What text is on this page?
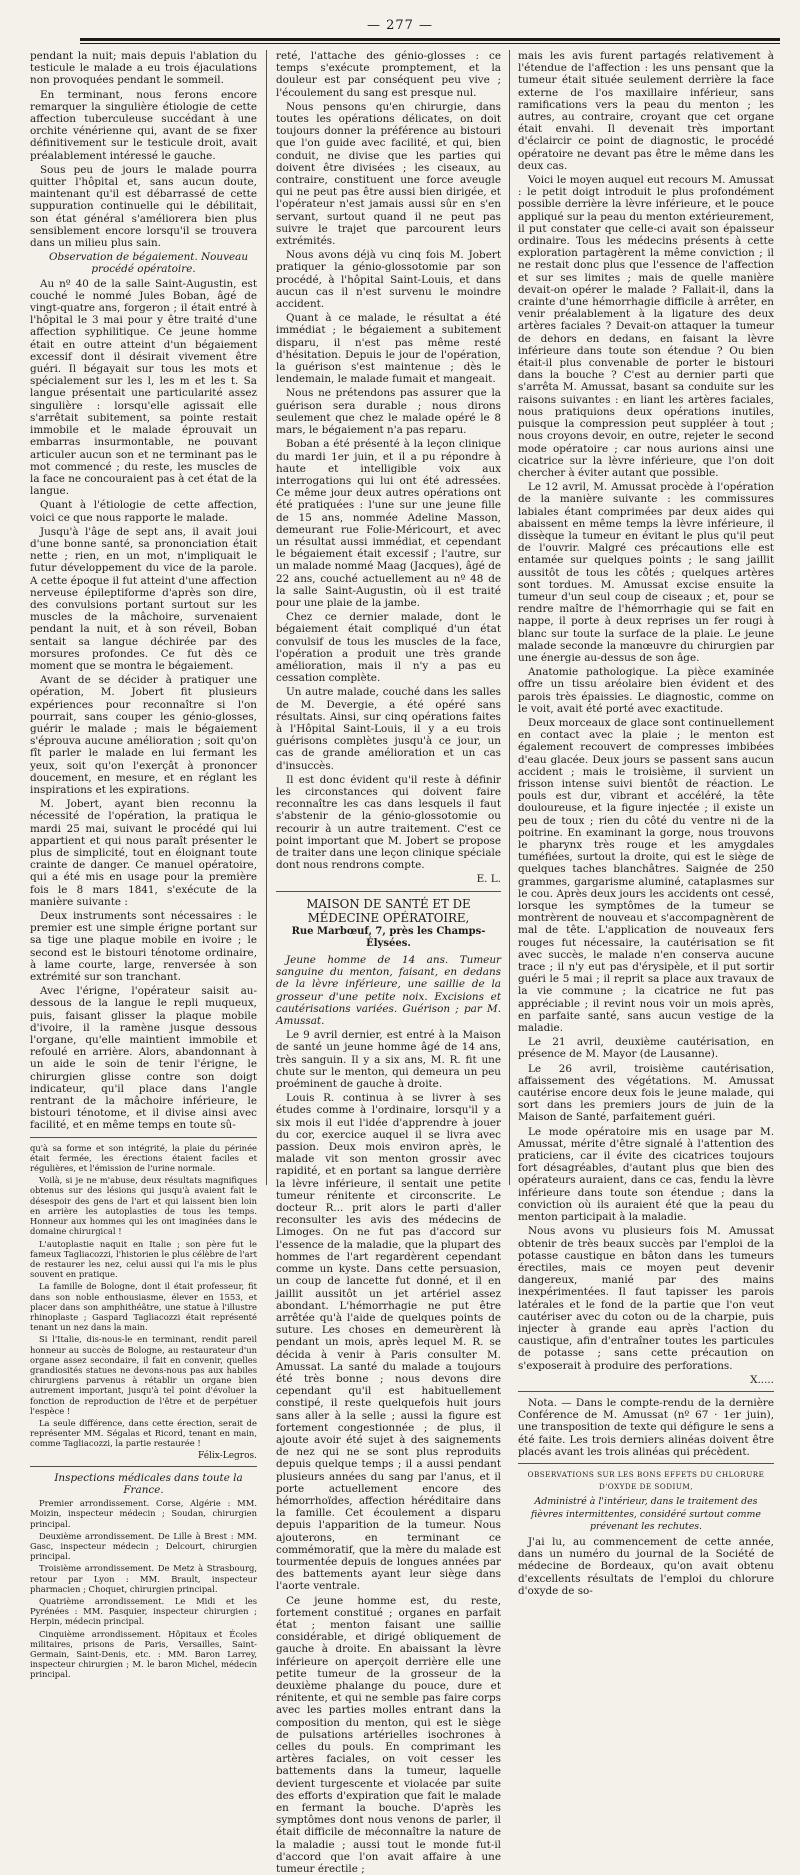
— 277 —

pendant la nuit; mais depuis l'ablation du testicule le malade a eu trois éjaculations non provoquées pendant le sommeil.

En terminant, nous ferons encore remarquer la singulière étiologie de cette affection tuberculeuse succédant à une orchite vénérienne qui, avant de se fixer définitivement sur le testicule droit, avait préalablement intéressé le gauche.

Sous peu de jours le malade pourra quitter l'hôpital et, sans aucun doute, maintenant qu'il est débarrassé de cette suppuration continuelle qui le débilitait, son état général s'améliorera bien plus sensiblement encore lorsqu'il se trouvera dans un milieu plus sain.

Observation de bégaiement. Nouveau procédé opératoire.

Au nº 40 de la salle Saint-Augustin, est couché le nommé Jules Boban, âgé de vingt-quatre ans, forgeron ; il était entré à l'hôpital le 3 mai pour y être traité d'une affection syphilitique. Ce jeune homme était en outre atteint d'un bégaiement excessif dont il désirait vivement être guéri. Il bégayait sur tous les mots et spécialement sur les l, les m et les t. Sa langue présentait une particularité assez singulière : lorsqu'elle agissait elle s'arrêtait subitement, sa pointe restait immobile et le malade éprouvait un embarras insurmontable, ne pouvant articuler aucun son et ne terminant pas le mot commencé ; du reste, les muscles de la face ne concouraient pas à cet état de la langue.

Quant à l'étiologie de cette affection, voici ce que nous rapporte le malade.

Jusqu'à l'âge de sept ans, il avait joui d'une bonne santé, sa prononciation était nette ; rien, en un mot, n'impliquait le futur développement du vice de la parole. A cette époque il fut atteint d'une affection nerveuse épileptiforme d'après son dire, des convulsions portant surtout sur les muscles de la mâchoire, survenaient pendant la nuit, et à son réveil, Boban sentait sa langue déchirée par des morsures profondes. Ce fut dès ce moment que se montra le bégaiement.

Avant de se décider à pratiquer une opération, M. Jobert fit plusieurs expériences pour reconnaître si l'on pourrait, sans couper les génio-glosses, guérir le malade ; mais le bégaiement s'éprouva aucune amélioration ; soit qu'on fît parler le malade en lui fermant les yeux, soit qu'on l'exerçât à prononcer doucement, en mesure, et en réglant les inspirations et les expirations.

M. Jobert, ayant bien reconnu la nécessité de l'opération, la pratiqua le mardi 25 mai, suivant le procédé qui lui appartient et qui nous paraît présenter le plus de simplicité, tout en éloignant toute crainte de danger. Ce manuel opératoire, qui a été mis en usage pour la première fois le 8 mars 1841, s'exécute de la manière suivante :

Deux instruments sont nécessaires : le premier est une simple érigne portant sur sa tige une plaque mobile en ivoire ; le second est le bistouri ténotome ordinaire, à lame courte, large, renversée à son extrémité sur son tranchant.

Avec l'érigne, l'opérateur saisit au-dessous de la langue le repli muqueux, puis, faisant glisser la plaque mobile d'ivoire, il la ramène jusque dessous l'organe, qu'elle maintient immobile et refoulé en arrière. Alors, abandonnant à un aide le soin de tenir l'érigne, le chirurgien glisse contre son doigt indicateur, qu'il place dans l'angle rentrant de la mâchoire inférieure, le bistouri ténotome, et il divise ainsi avec facilité, et en même temps en toute sû-

qu'à sa forme et son intégrité, la plaie du périnée était fermée, les érections étaient faciles et régulières, et l'émission de l'urine normale.

Voilà, si je ne m'abuse, deux résultats magnifiques obtenus sur des lésions qui jusqu'à avaient fait le désespoir des gens de l'art et qui laissent bien loin en arrière les autoplasties de tous les temps. Honneur aux hommes qui les ont imaginées dans le domaine chirurgical !

L'autoplastie naquit en Italie ; son père fut le fameux Tagliacozzi, l'historien le plus célèbre de l'art de restaurer les nez, celui aussi qui l'a mis le plus souvent en pratique.

La famille de Bologne, dont il était professeur, fit dans son noble enthousiasme, élever en 1553, et placer dans son amphithéâtre, une statue à l'illustre rhinoplaste ; Gaspard Tagliacozzi était représenté tenant un nez dans la main.

Si l'Italie, dis-nous-le en terminant, rendit pareil honneur au succès de Bologne, au restaurateur d'un organe assez secondaire, il fait en convenir, quelles grandiosités statues ne devons-nous pas aux habiles chirurgiens parvenus à rétablir un organe bien autrement important, jusqu'à tel point d'évoluer la fonction de reproduction de l'être et de perpétuer l'espèce !

La seule différence, dans cette érection, serait de représenter MM. Ségalas et Ricord, tenant en main, comme Tagliacozzi, la partie restaurée !

Félix-Legros.

Inspections médicales dans toute la France.

Premier arrondissement. Corse, Algérie : MM. Moizin, inspecteur médecin ; Soudan, chirurgien principal.

Deuxième arrondissement. De Lille à Brest : MM. Gasc, inspecteur médecin ; Delcourt, chirurgien principal.

Troisième arrondissement. De Metz à Strasbourg, retour par Lyon : MM. Brault, inspecteur pharmacien ; Choquet, chirurgien principal.

Quatrième arrondissement. Le Midi et les Pyrénées : MM. Pasquier, inspecteur chirurgien ; Herpin, médecin principal.

Cinquième arrondissement. Hôpitaux et Écoles militaires, prisons de Paris, Versailles, Saint-Germain, Saint-Denis, etc. : MM. Baron Larrey, inspecteur chirurgien ; M. le baron Michel, médecin principal.

reté, l'attache des génio-glosses : ce temps s'exécute promptement, et la douleur est par conséquent peu vive ; l'écoulement du sang est presque nul.

Nous pensons qu'en chirurgie, dans toutes les opérations délicates, on doit toujours donner la préférence au bistouri que l'on guide avec facilité, et qui, bien conduit, ne divise que les parties qui doivent être divisées ; les ciseaux, au contraire, constituent une force aveugle qui ne peut pas être aussi bien dirigée, et l'opérateur n'est jamais aussi sûr en s'en servant, surtout quand il ne peut pas suivre le trajet que parcourent leurs extrémités.

Nous avons déjà vu cinq fois M. Jobert pratiquer la génio-glossotomie par son procédé, à l'hôpital Saint-Louis, et dans aucun cas il n'est survenu le moindre accident.

Quant à ce malade, le résultat a été immédiat ; le bégaiement a subitement disparu, il n'est pas même resté d'hésitation. Depuis le jour de l'opération, la guérison s'est maintenue ; dès le lendemain, le malade fumait et mangeait.

Nous ne prétendons pas assurer que la guérison sera durable ; nous dirons seulement que chez le malade opéré le 8 mars, le bégaiement n'a pas reparu.

Boban a été présenté à la leçon clinique du mardi 1er juin, et il a pu répondre à haute et intelligible voix aux interrogations qui lui ont été adressées. Ce même jour deux autres opérations ont été pratiquées : l'une sur une jeune fille de 15 ans, nommée Adeline Masson, demeurant rue Folie-Méricourt, et avec un résultat aussi immédiat, et cependant le bégaiement était excessif ; l'autre, sur un malade nommé Maag (Jacques), âgé de 22 ans, couché actuellement au nº 48 de la salle Saint-Augustin, où il est traité pour une plaie de la jambe.

Chez ce dernier malade, dont le bégaiement était compliqué d'un état convulsif de tous les muscles de la face, l'opération a produit une très grande amélioration, mais il n'y a pas eu cessation complète.

Un autre malade, couché dans les salles de M. Devergie, a été opéré sans résultats. Ainsi, sur cinq opérations faites à l'Hôpital Saint-Louis, il y a eu trois guérisons complètes jusqu'à ce jour, un cas de grande amélioration et un cas d'insuccès.

Il est donc évident qu'il reste à définir les circonstances qui doivent faire reconnaître les cas dans lesquels il faut s'abstenir de la génio-glossotomie ou recourir à un autre traitement. C'est ce point important que M. Jobert se propose de traiter dans une leçon clinique spéciale dont nous rendrons compte.

E. L.
MAISON DE SANTÉ ET DE MÉDECINE OPÉRATOIRE,
Rue Marbœuf, 7, près les Champs-Élysées.

Jeune homme de 14 ans. Tumeur sanguine du menton, faisant, en dedans de la lèvre inférieure, une saillie de la grosseur d'une petite noix. Excisions et cautérisations variées. Guérison ; par M. Amussat.

Le 9 avril dernier, est entré à la Maison de santé un jeune homme âgé de 14 ans, très sanguin. Il y a six ans, M. R. fit une chute sur le menton, qui demeura un peu proéminent de gauche à droite.

Louis R. continua à se livrer à ses études comme à l'ordinaire, lorsqu'il y a six mois il eut l'idée d'apprendre à jouer du cor, exercice auquel il se livra avec passion. Deux mois environ après, le malade vit son menton grossir avec rapidité, et en portant sa langue derrière la lèvre inférieure, il sentait une petite tumeur rénitente et circonscrite. Le docteur R... prit alors le parti d'aller reconsulter les avis des médecins de Limoges. On ne fut pas d'accord sur l'essence de la maladie, que la plupart des hommes de l'art regardèrent cependant comme un kyste. Dans cette persuasion, un coup de lancette fut donné, et il en jaillit aussitôt un jet artériel assez abondant. L'hémorrhagie ne put être arrêtée qu'à l'aide de quelques points de suture. Les choses en demeurèrent là pendant un mois, après lequel M. R. se décida à venir à Paris consulter M. Amussat. La santé du malade a toujours été très bonne ; nous devons dire cependant qu'il est habituellement constipé, il reste quelquefois huit jours sans aller à la selle ; aussi la figure est fortement congestionnée ; de plus, il ajoute avoir été sujet à des saignements de nez qui ne se sont plus reproduits depuis quelque temps ; il a aussi pendant plusieurs années du sang par l'anus, et il porte actuellement encore des hémorrhoïdes, affection héréditaire dans la famille. Cet écoulement a disparu depuis l'apparition de la tumeur. Nous ajouterons, en terminant ce commémoratif, que la mère du malade est tourmentée depuis de longues années par des battements ayant leur siège dans l'aorte ventrale.

Ce jeune homme est, du reste, fortement constitué ; organes en parfait état ; menton faisant une saillie considérable, et dirigé obliquement de gauche à droite. En abaissant la lèvre inférieure on aperçoit derrière elle une petite tumeur de la grosseur de la deuxième phalange du pouce, dure et rénitente, et qui ne semble pas faire corps avec les parties molles entrant dans la composition du menton, qui est le siège de pulsations artérielles isochrones à celles du pouls. En comprimant les artères faciales, on voit cesser les battements dans la tumeur, laquelle devient turgescente et violacée par suite des efforts d'expiration que fait le malade en fermant la bouche. D'après les symptômes dont nous venons de parler, il était difficile de méconnaître la nature de la maladie ; aussi tout le monde fut-il d'accord que l'on avait affaire à une tumeur érectile ;

mais les avis furent partagés relativement à l'étendue de l'affection : les uns pensant que la tumeur était située seulement derrière la face externe de l'os maxillaire inférieur, sans ramifications vers la peau du menton ; les autres, au contraire, croyant que cet organe était envahi. Il devenait très important d'éclaircir ce point de diagnostic, le procédé opératoire ne devant pas être le même dans les deux cas.

Voici le moyen auquel eut recours M. Amussat : le petit doigt introduit le plus profondément possible derrière la lèvre inférieure, et le pouce appliqué sur la peau du menton extérieurement, il put constater que celle-ci avait son épaisseur ordinaire. Tous les médecins présents à cette exploration partagèrent la même conviction ; il ne restait donc plus que l'essence de l'affection et sur ses limites ; mais de quelle manière devait-on opérer le malade ? Fallait-il, dans la crainte d'une hémorrhagie difficile à arrêter, en venir préalablement à la ligature des deux artères faciales ? Devait-on attaquer la tumeur de dehors en dedans, en faisant la lèvre inférieure dans toute son étendue ? Ou bien était-il plus convenable de porter le bistouri dans la bouche ? C'est au dernier parti que s'arrêta M. Amussat, basant sa conduite sur les raisons suivantes : en liant les artères faciales, nous pratiquions deux opérations inutiles, puisque la compression peut suppléer à tout ; nous croyons devoir, en outre, rejeter le second mode opératoire ; car nous aurions ainsi une cicatrice sur la lèvre inférieure, que l'on doit chercher à éviter autant que possible.

Le 12 avril, M. Amussat procède à l'opération de la manière suivante : les commissures labiales étant comprimées par deux aides qui abaissent en même temps la lèvre inférieure, il dissèque la tumeur en évitant le plus qu'il peut de l'ouvrir. Malgré ces précautions elle est entamée sur quelques points ; le sang jaillit aussitôt de tous les côtés ; quelques artères sont tordues. M. Amussat excise ensuite la tumeur d'un seul coup de ciseaux ; et, pour se rendre maître de l'hémorrhagie qui se fait en nappe, il porte à deux reprises un fer rougi à blanc sur toute la surface de la plaie. Le jeune malade seconde la manœuvre du chirurgien par une énergie au-dessus de son âge.

Anatomie pathologique. La pièce examinée offre un tissu aréolaire bien évident et des parois très épaissies. Le diagnostic, comme on le voit, avait été porté avec exactitude.

Deux morceaux de glace sont continuellement en contact avec la plaie ; le menton est également recouvert de compresses imbibées d'eau glacée. Deux jours se passent sans aucun accident ; mais le troisième, il survient un frisson intense suivi bientôt de réaction. Le pouls est dur, vibrant et accéléré, la tête douloureuse, et la figure injectée ; il existe un peu de toux ; rien du côté du ventre ni de la poitrine. En examinant la gorge, nous trouvons le pharynx très rouge et les amygdales tuméfiées, surtout la droite, qui est le siège de quelques taches blanchâtres. Saignée de 250 grammes, gargarisme aluminé, cataplasmes sur le cou. Après deux jours les accidents ont cessé, lorsque les symptômes de la tumeur se montrèrent de nouveau et s'accompagnèrent de mal de tête. L'application de nouveaux fers rouges fut nécessaire, la cautérisation se fit avec succès, le malade n'en conserva aucune trace ; il n'y eut pas d'érysipèle, et il put sortir guéri le 5 mai ; il reprit sa place aux travaux de la vie commune ; la cicatrice ne fut pas appréciable ; il revint nous voir un mois après, en parfaite santé, sans aucun vestige de la maladie.

Le 21 avril, deuxième cautérisation, en présence de M. Mayor (de Lausanne).

Le 26 avril, troisième cautérisation, affaissement des végétations. M. Amussat cautérise encore deux fois le jeune malade, qui sort dans les premiers jours de juin de la Maison de Santé, parfaitement guéri.

Le mode opératoire mis en usage par M. Amussat, mérite d'être signalé à l'attention des praticiens, car il évite des cicatrices toujours fort désagréables, d'autant plus que bien des opérateurs auraient, dans ce cas, fendu la lèvre inférieure dans toute son étendue ; dans la conviction où ils auraient été que la peau du menton participait à la maladie.

Nous avons vu plusieurs fois M. Amussat obtenir de très beaux succès par l'emploi de la potasse caustique en bâton dans les tumeurs érectiles, mais ce moyen peut devenir dangereux, manié par des mains inexpérimentées. Il faut tapisser les parois latérales et le fond de la partie que l'on veut cautériser avec du coton ou de la charpie, puis injecter à grande eau après l'action du caustique, afin d'entraîner toutes les particules de potasse ; sans cette précaution on s'exposerait à produire des perforations.

X.....

Nota. — Dans le compte-rendu de la dernière Conférence de M. Amussat (nº 67 · 1er juin), une transposition de texte qui défigure le sens a été faite. Les trois derniers alinéas doivent être placés avant les trois alinéas qui précèdent.

OBSERVATIONS SUR LES BONS EFFETS DU CHLORURE D'OXYDE DE SODIUM,
Administré à l'intérieur, dans le traitement des fièvres intermittentes, considéré surtout comme prévenant les rechutes.

J'ai lu, au commencement de cette année, dans un numéro du journal de la Société de médecine de Bordeaux, qu'on avait obtenu d'excellents résultats de l'emploi du chlorure d'oxyde de so-
